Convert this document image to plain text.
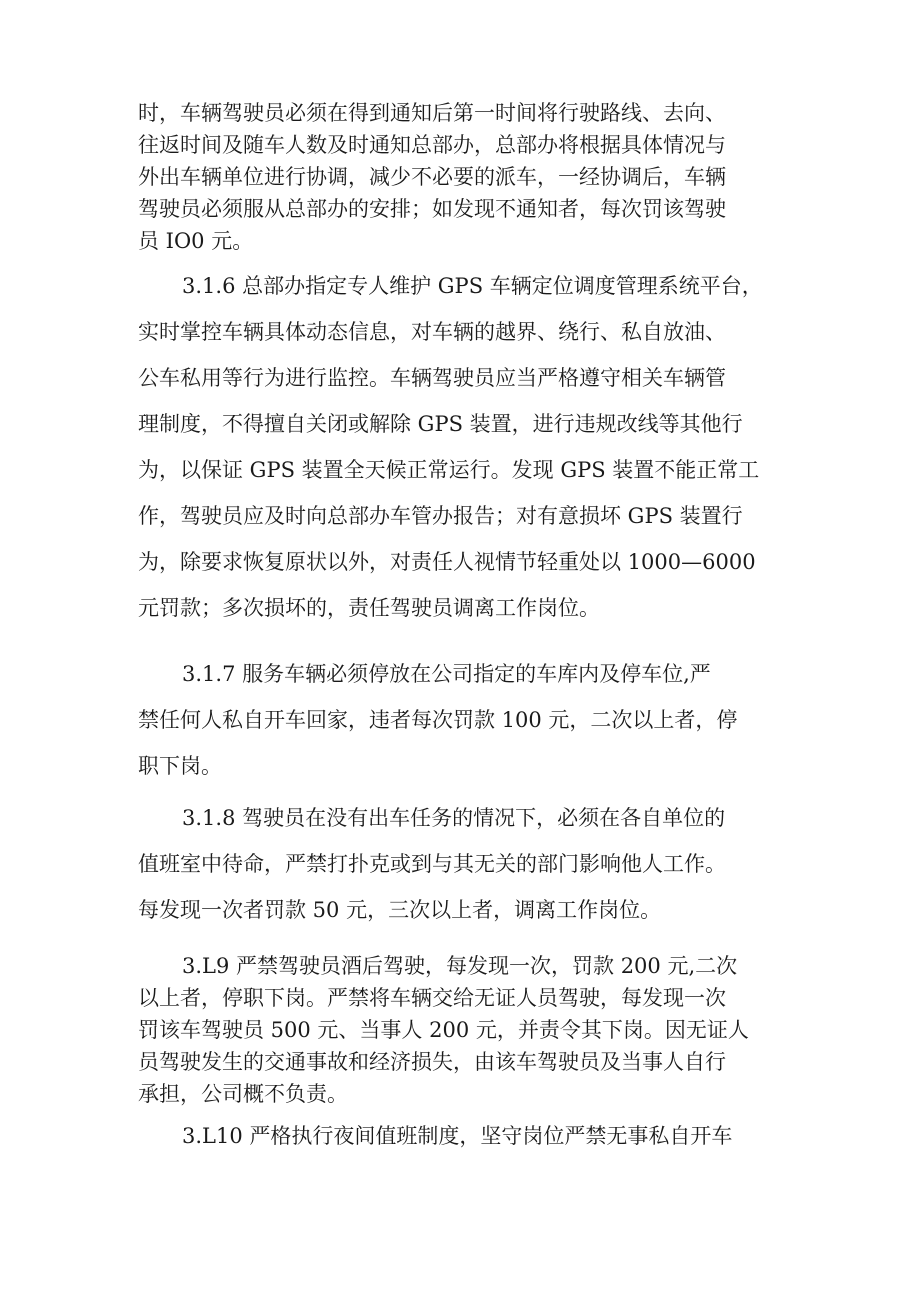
时，车辆驾驶员必须在得到通知后第一时间将行驶路线、去向、
往返时间及随车人数及时通知总部办，总部办将根据具体情况与
外出车辆单位进行协调，减少不必要的派车，一经协调后，车辆
驾驶员必须服从总部办的安排；如发现不通知者，每次罚该驾驶
员 IO0 元。
3.1.6 总部办指定专人维护 GPS 车辆定位调度管理系统平台，
实时掌控车辆具体动态信息，对车辆的越界、绕行、私自放油、
公车私用等行为进行监控。车辆驾驶员应当严格遵守相关车辆管
理制度，不得擅自关闭或解除 GPS 装置，进行违规改线等其他行
为，以保证 GPS 装置全天候正常运行。发现 GPS 装置不能正常工
作，驾驶员应及时向总部办车管办报告；对有意损坏 GPS 装置行
为，除要求恢复原状以外，对责任人视情节轻重处以 1000—6000
元罚款；多次损坏的，责任驾驶员调离工作岗位。
3.1.7 服务车辆必须停放在公司指定的车库内及停车位,严
禁任何人私自开车回家，违者每次罚款 100 元，二次以上者，停
职下岗。
3.1.8 驾驶员在没有出车任务的情况下，必须在各自单位的
值班室中待命，严禁打扑克或到与其无关的部门影响他人工作。
每发现一次者罚款 50 元，三次以上者，调离工作岗位。
3.L9 严禁驾驶员酒后驾驶，每发现一次，罚款 200 元,二次
以上者，停职下岗。严禁将车辆交给无证人员驾驶，每发现一次
罚该车驾驶员 500 元、当事人 200 元，并责令其下岗。因无证人
员驾驶发生的交通事故和经济损失，由该车驾驶员及当事人自行
承担，公司概不负责。
3.L10 严格执行夜间值班制度，坚守岗位严禁无事私自开车
